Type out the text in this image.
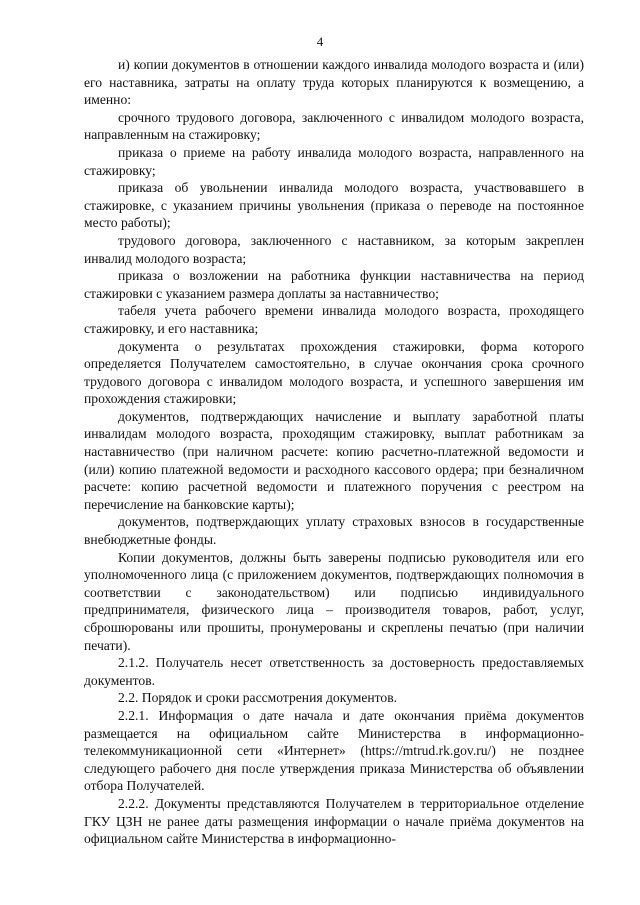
4

и) копии документов в отношении каждого инвалида молодого возраста и (или) его наставника, затраты на оплату труда которых планируются к возмещению, а именно:

срочного трудового договора, заключенного с инвалидом молодого возраста, направленным на стажировку;

приказа о приеме на работу инвалида молодого возраста, направленного на стажировку;

приказа об увольнении инвалида молодого возраста, участвовавшего в стажировке, с указанием причины увольнения (приказа о переводе на постоянное место работы);

трудового договора, заключенного с наставником, за которым закреплен инвалид молодого возраста;

приказа о возложении на работника функции наставничества на период стажировки с указанием размера доплаты за наставничество;

табеля учета рабочего времени инвалида молодого возраста, проходящего стажировку, и его наставника;

документа о результатах прохождения стажировки, форма которого определяется Получателем самостоятельно, в случае окончания срока срочного трудового договора с инвалидом молодого возраста, и успешного завершения им прохождения стажировки;

документов, подтверждающих начисление и выплату заработной платы инвалидам молодого возраста, проходящим стажировку, выплат работникам за наставничество (при наличном расчете: копию расчетно-платежной ведомости и (или) копию платежной ведомости и расходного кассового ордера; при безналичном расчете: копию расчетной ведомости и платежного поручения с реестром на перечисление на банковские карты);

документов, подтверждающих уплату страховых взносов в государственные внебюджетные фонды.

Копии документов, должны быть заверены подписью руководителя или его уполномоченного лица (с приложением документов, подтверждающих полномочия в соответствии с законодательством) или подписью индивидуального предпринимателя, физического лица – производителя товаров, работ, услуг, сброшюрованы или прошиты, пронумерованы и скреплены печатью (при наличии печати).

2.1.2. Получатель несет ответственность за достоверность предоставляемых документов.

2.2. Порядок и сроки рассмотрения документов.

2.2.1. Информация о дате начала и дате окончания приёма документов размещается на официальном сайте Министерства в информационно-телекоммуникационной сети «Интернет» (https://mtrud.rk.gov.ru/) не позднее следующего рабочего дня после утверждения приказа Министерства об объявлении отбора Получателей.

2.2.2. Документы представляются Получателем в территориальное отделение ГКУ ЦЗН не ранее даты размещения информации о начале приёма документов на официальном сайте Министерства в информационно-
